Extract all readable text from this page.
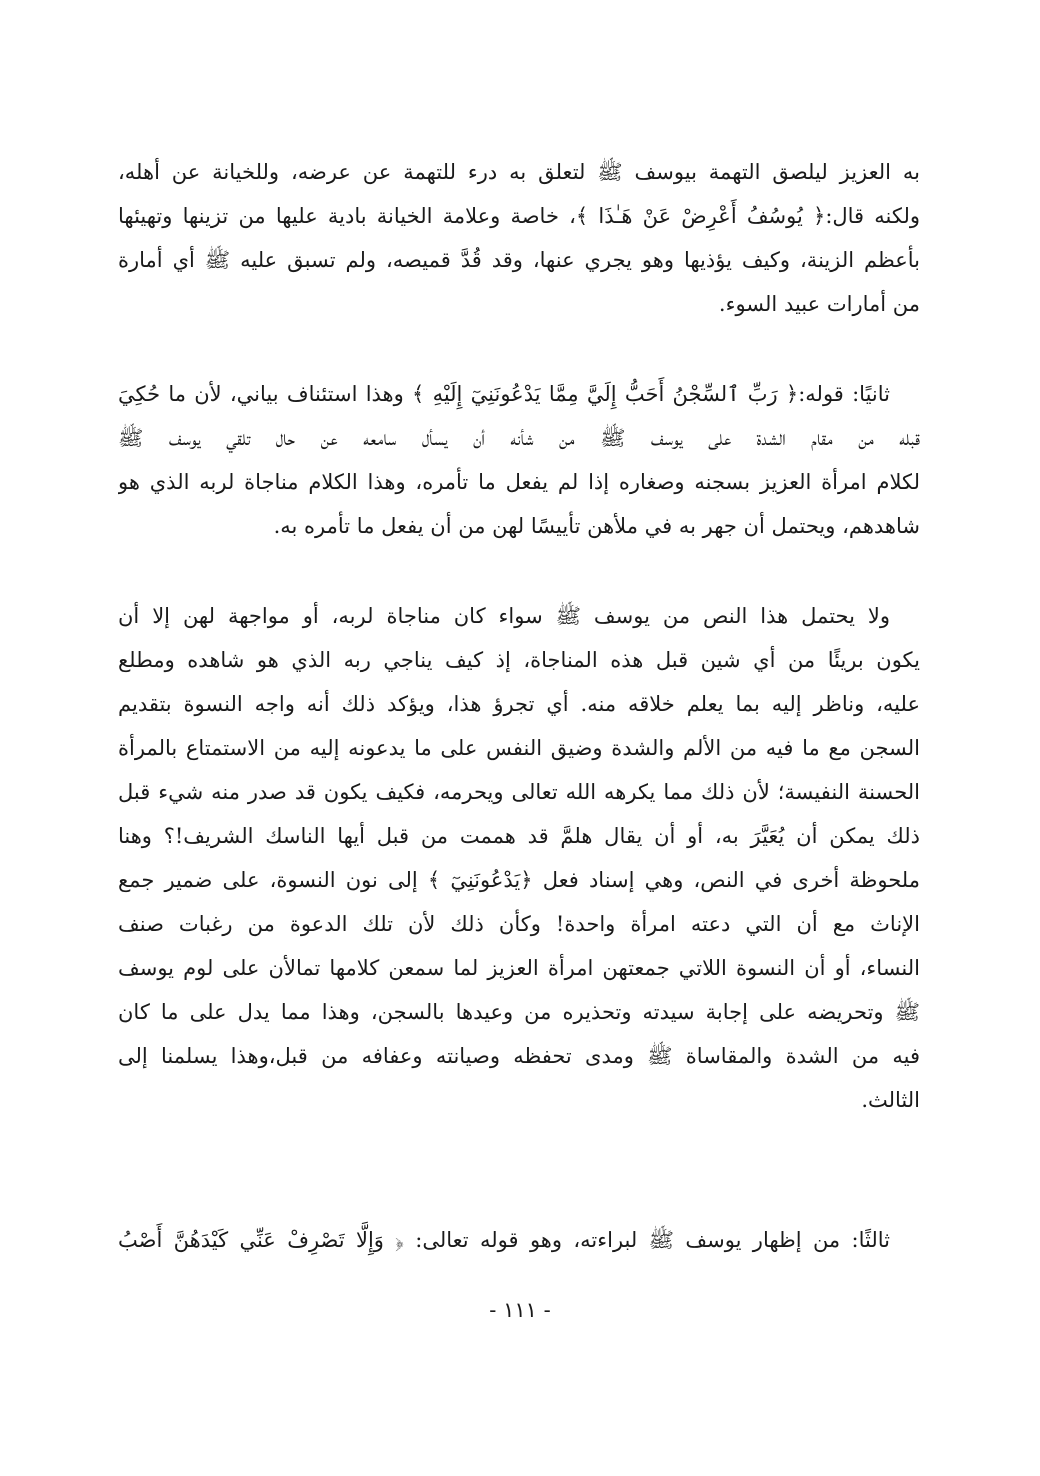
به العزيز ليلصق التهمة بيوسف ﷺ لتعلق به درء للتهمة عن عرضه، وللخيانة عن أهله،
ولكنه قال:﴿ يُوسُفُ أَعْرِضْ عَنْ هَـٰذَا ﴾، خاصة وعلامة الخيانة بادية عليها من تزينها وتهيئها
بأعظم الزينة، وكيف يؤذيها وهو يجري عنها، وقد قُدَّ قميصه، ولم تسبق عليه ﷺ أي أمارة
من أمارات عبيد السوء.
ثانيًا: قوله:﴿ رَبِّ ٱلسِّجْنُ أَحَبُّ إِلَيَّ مِمَّا يَدْعُونَنِيٓ إِلَيْهِ ﴾ وهذا استئناف بياني، لأن ما حُكِيَ
قبله من مقام الشدة على يوسف ﷺ من شأنه أن يسأل سامعه عن حال تلقي يوسف ﷺ
لكلام امرأة العزيز بسجنه وصغاره إذا لم يفعل ما تأمره، وهذا الكلام مناجاة لربه الذي هو
شاهدهم، ويحتمل أن جهر به في ملأهن تأييسًا لهن من أن يفعل ما تأمره به.
ولا يحتمل هذا النص من يوسف ﷺ سواء كان مناجاة لربه، أو مواجهة لهن إلا أن
يكون بريئًا من أي شين قبل هذه المناجاة، إذ كيف يناجي ربه الذي هو شاهده ومطلع
عليه، وناظر إليه بما يعلم خلاقه منه. أي تجرؤ هذا، ويؤكد ذلك أنه واجه النسوة بتقديم
السجن مع ما فيه من الألم والشدة وضيق النفس على ما يدعونه إليه من الاستمتاع بالمرأة
الحسنة النفيسة؛ لأن ذلك مما يكرهه الله تعالى ويحرمه، فكيف يكون قد صدر منه شيء قبل
ذلك يمكن أن يُعَيَّرَ به، أو أن يقال هلمَّ قد هممت من قبل أيها الناسك الشريف!؟ وهنا
ملحوظة أخرى في النص، وهي إسناد فعل ﴿يَدْعُونَنِيٓ ﴾ إلى نون النسوة، على ضمير جمع
الإناث مع أن التي دعته امرأة واحدة! وكأن ذلك لأن تلك الدعوة من رغبات صنف
النساء، أو أن النسوة اللاتي جمعتهن امرأة العزيز لما سمعن كلامها تمالأن على لوم يوسف
ﷺ وتحريضه على إجابة سيدته وتحذيره من وعيدها بالسجن، وهذا مما يدل على ما كان
فيه من الشدة والمقاساة ﷺ ومدى تحفظه وصيانته وعفافه من قبل،وهذا يسلمنا إلى
الثالث.
ثالثًا: من إظهار يوسف ﷺ لبراءته، وهو قوله تعالى: ﴿ وَإِلَّا تَصْرِفْ عَنِّي كَيْدَهُنَّ أَصْبُ
- ١١١ -
